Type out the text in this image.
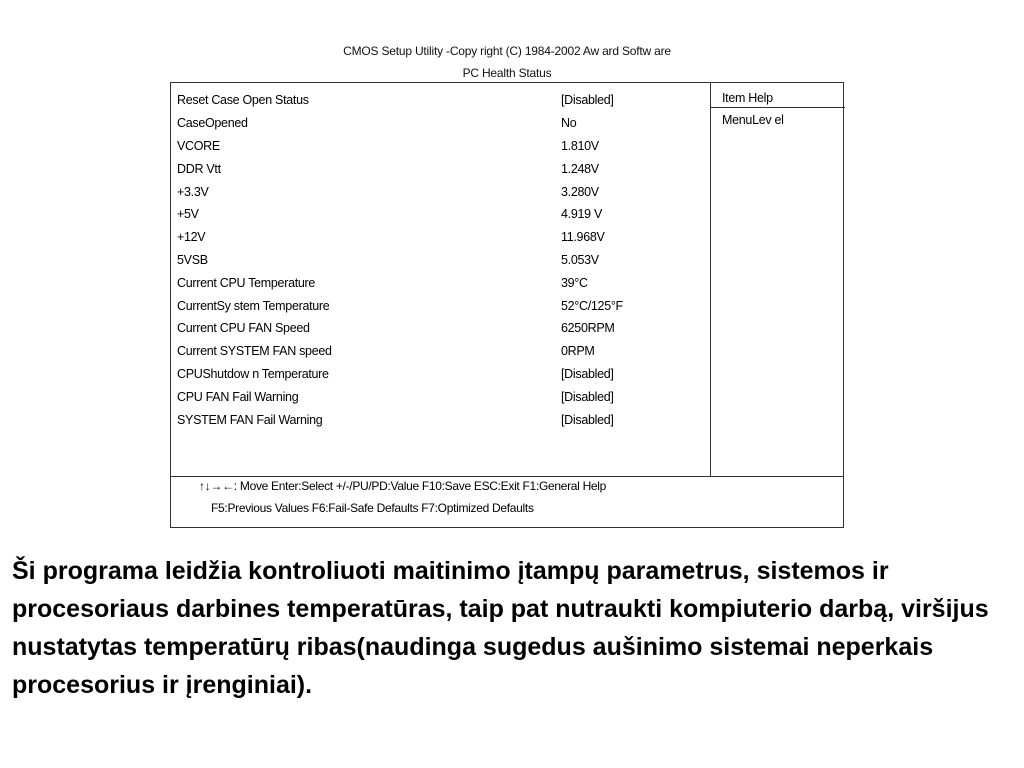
CMOS Setup Utility -Copy right (C) 1984-2002 Aw ard Softw are
PC Health Status
Reset Case Open Status	[Disabled]
CaseOpened	No
VCORE	1.810V
DDR Vtt	1.248V
+3.3V	3.280V
+5V	4.919 V
+12V	11.968V
5VSB	5.053V
Current CPU Temperature	39°C
CurrentSy stem Temperature	52°C/125°F
Current CPU FAN Speed	6250RPM
Current SYSTEM FAN speed	0RPM
CPUShutdow n Temperature	[Disabled]
CPU FAN Fail Warning	[Disabled]
SYSTEM FAN Fail Warning	[Disabled]
Item Help
MenuLev el
↑↓→←: Move Enter:Select +/-/PU/PD:Value F10:Save ESC:Exit F1:General Help
F5:Previous Values F6:Fail-Safe Defaults F7:Optimized Defaults
Ši programa leidžia kontroliuoti maitinimo įtampų parametrus, sistemos ir procesoriaus darbines temperatūras, taip pat nutraukti kompiuterio darbą, viršijus nustatytas temperatūrų ribas(naudinga sugedus aušinimo sistemai neperkais procesorius ir įrenginiai).
